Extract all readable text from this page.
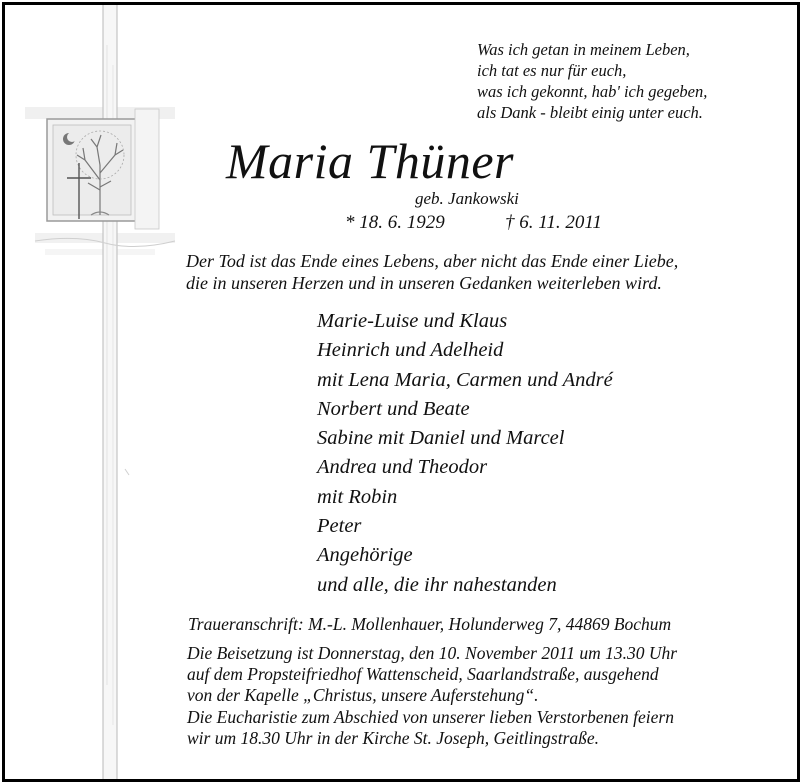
Was ich getan in meinem Leben,
ich tat es nur für euch,
was ich gekonnt, hab' ich gegeben,
als Dank - bleibt einig unter euch.
Maria Thüner
geb. Jankowski
* 18. 6. 1929	† 6. 11. 2011
Der Tod ist das Ende eines Lebens, aber nicht das Ende einer Liebe,
die in unseren Herzen und in unseren Gedanken weiterleben wird.
Marie-Luise und Klaus
Heinrich und Adelheid
mit Lena Maria, Carmen und André
Norbert und Beate
Sabine mit Daniel und Marcel
Andrea und Theodor
mit Robin
Peter
Angehörige
und alle, die ihr nahestanden
Traueranschrift: M.-L. Mollenhauer, Holunderweg 7, 44869 Bochum
Die Beisetzung ist Donnerstag, den 10. November 2011 um 13.30 Uhr
auf dem Propsteifriedhof Wattenscheid, Saarlandstraße, ausgehend
von der Kapelle „Christus, unsere Auferstehung“.
Die Eucharistie zum Abschied von unserer lieben Verstorbenen feiern
wir um 18.30 Uhr in der Kirche St. Joseph, Geitlingstraße.
